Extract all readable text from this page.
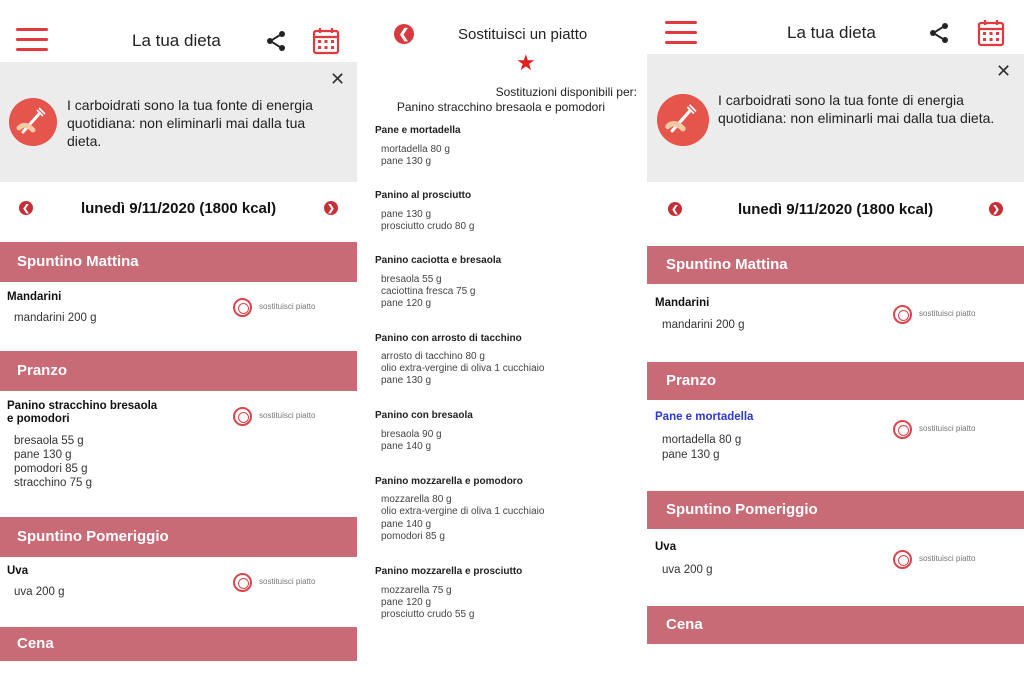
La tua dieta
✕
I carboidrati sono la tua fonte di energia quotidiana: non eliminarli mai dalla tua dieta.
❮	lunedì 9/11/2020 (1800 kcal)	❯
Spuntino Mattina
Mandarini
mandarini 200 g
sostituisci piatto
Pranzo
Panino stracchino bresaola
e pomodori
bresaola 55 g
pane 130 g
pomodori 85 g
stracchino 75 g
sostituisci piatto
Spuntino Pomeriggio
Uva
uva 200 g
sostituisci piatto
Cena
❮	Sostituisci un piatto
★
Sostituzioni disponibili per:
Panino stracchino bresaola e pomodori
Pane e mortadella
mortadella 80 g
pane 130 g
Panino al prosciutto
pane 130 g
prosciutto crudo 80 g
Panino caciotta e bresaola
bresaola 55 g
caciottina fresca 75 g
pane 120 g
Panino con arrosto di tacchino
arrosto di tacchino 80 g
olio extra-vergine di oliva 1 cucchiaio
pane 130 g
Panino con bresaola
bresaola 90 g
pane 140 g
Panino mozzarella e pomodoro
mozzarella 80 g
olio extra-vergine di oliva 1 cucchiaio
pane 140 g
pomodori 85 g
Panino mozzarella e prosciutto
mozzarella 75 g
pane 120 g
prosciutto crudo 55 g
La tua dieta
✕
I carboidrati sono la tua fonte di energia quotidiana: non eliminarli mai dalla tua dieta.
❮	lunedì 9/11/2020 (1800 kcal)	❯
Spuntino Mattina
Mandarini
mandarini 200 g
sostituisci piatto
Pranzo
Pane e mortadella
mortadella 80 g
pane 130 g
sostituisci piatto
Spuntino Pomeriggio
Uva
uva 200 g
sostituisci piatto
Cena
